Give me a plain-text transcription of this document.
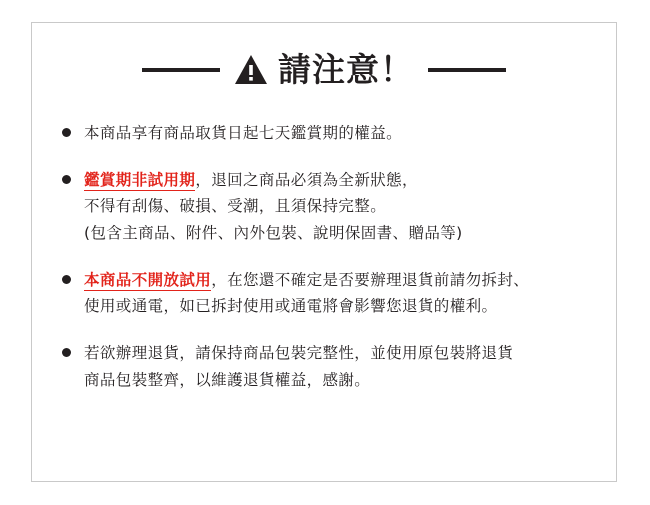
請注意！
本商品享有商品取貨日起七天鑑賞期的權益。
鑑賞期非試用期，退回之商品必須為全新狀態，
不得有刮傷、破損、受潮，且須保持完整。
(包含主商品、附件、內外包裝、說明保固書、贈品等)
本商品不開放試用，在您還不確定是否要辦理退貨前請勿拆封、
使用或通電，如已拆封使用或通電將會影響您退貨的權利。
若欲辦理退貨，請保持商品包裝完整性，並使用原包裝將退貨
商品包裝整齊，以維護退貨權益，感謝。
